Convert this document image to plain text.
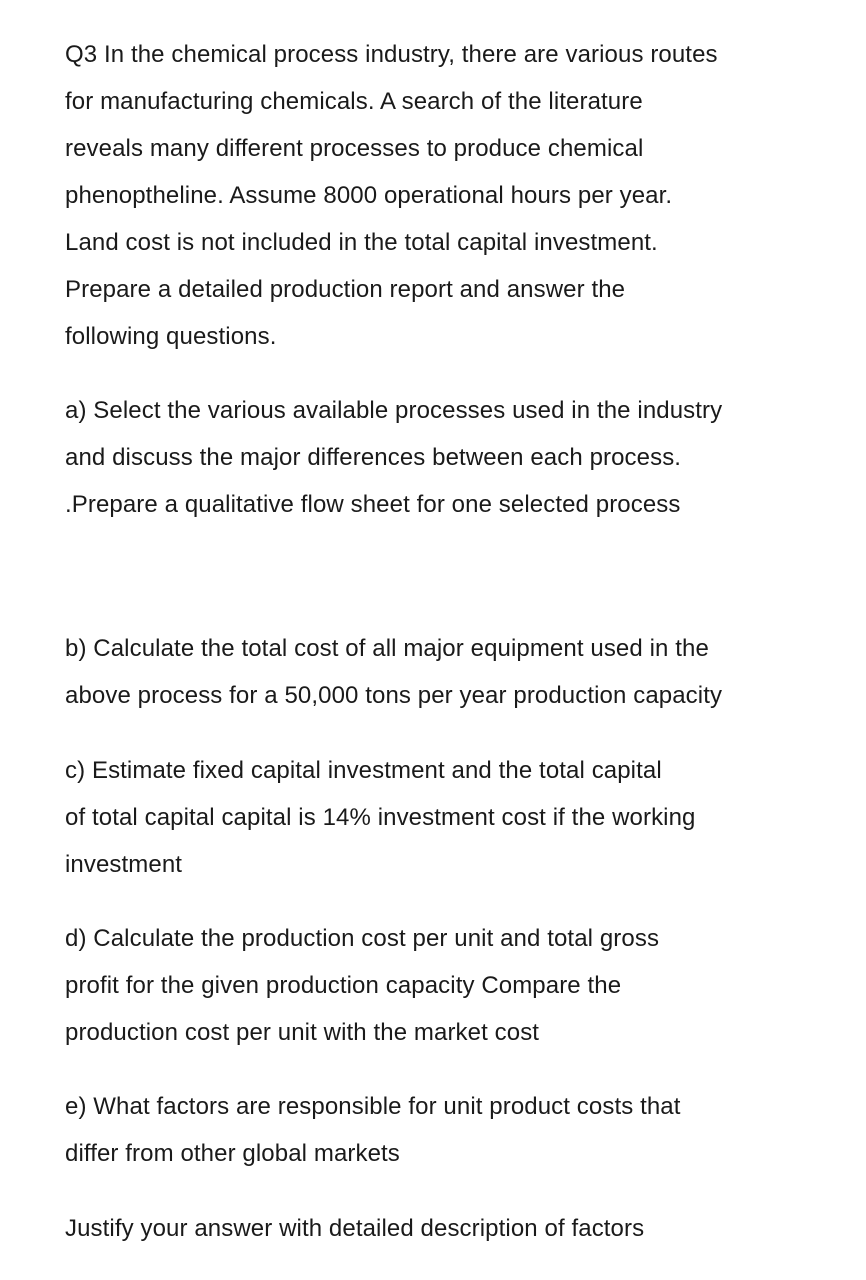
Q3 In the chemical process industry, there are various routes
for manufacturing chemicals. A search of the literature
reveals many different processes to produce chemical
phenoptheline. Assume 8000 operational hours per year.
Land cost is not included in the total capital investment.
Prepare a detailed production report and answer the
following questions.
a) Select the various available processes used in the industry
and discuss the major differences between each process.
.Prepare a qualitative flow sheet for one selected process
b) Calculate the total cost of all major equipment used in the
above process for a 50,000 tons per year production capacity
c) Estimate fixed capital investment and the total capital
of total capital capital is 14% investment cost if the working
investment
d) Calculate the production cost per unit and total gross
profit for the given production capacity Compare the
production cost per unit with the market cost
e) What factors are responsible for unit product costs that
differ from other global markets
Justify your answer with detailed description of factors
